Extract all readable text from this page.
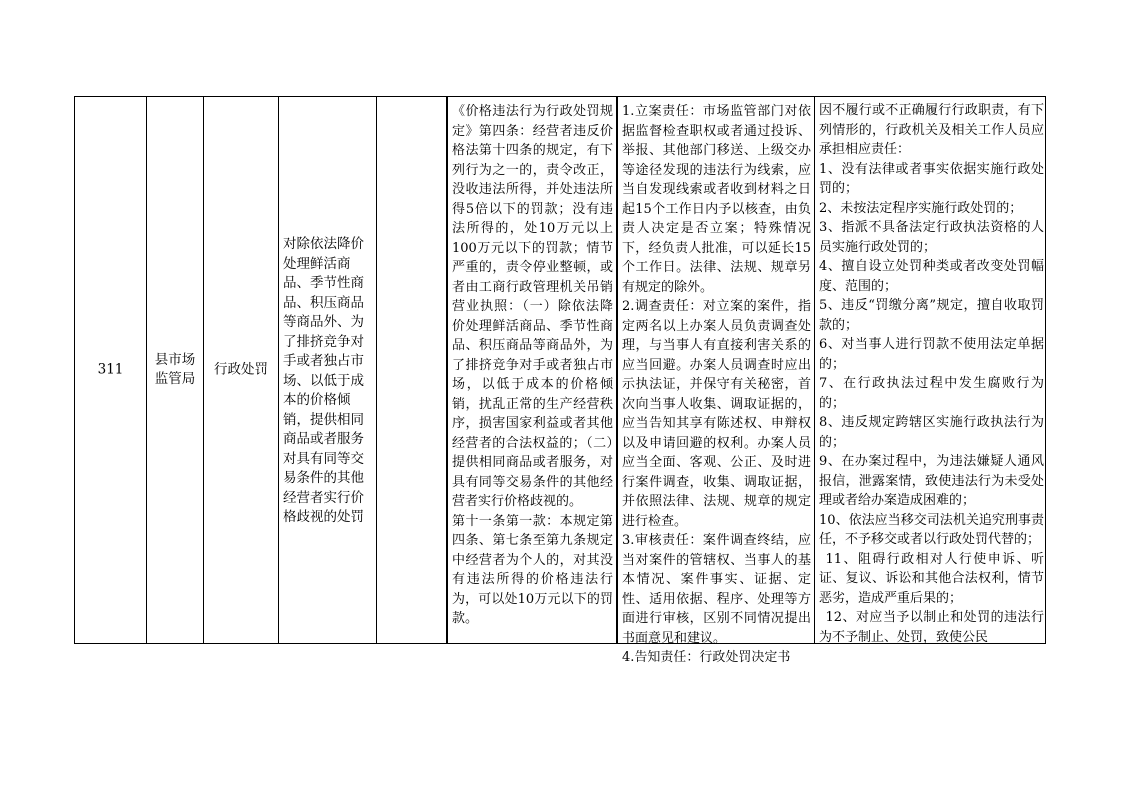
311
县市场
监管局
行政处罚
对除依法降价处理鲜活商品、季节性商品、积压商品等商品外、为了排挤竞争对手或者独占市场、以低于成本的价格倾销，提供相同商品或者服务对具有同等交易条件的其他经营者实行价格歧视的处罚

《价格违法行为行政处罚规定》第四条：经营者违反价格法第十四条的规定，有下列行为之一的，责令改正，没收违法所得，并处违法所得5倍以下的罚款；没有违法所得的，处10万元以上100万元以下的罚款；情节严重的，责令停业整顿，或者由工商行政管理机关吊销营业执照：（一）除依法降价处理鲜活商品、季节性商品、积压商品等商品外，为了排挤竞争对手或者独占市场，以低于成本的价格倾销，扰乱正常的生产经营秩序，损害国家利益或者其他经营者的合法权益的；（二）提供相同商品或者服务，对具有同等交易条件的其他经营者实行价格歧视的。

第十一条第一款：本规定第四条、第七条至第九条规定中经营者为个人的，对其没有违法所得的价格违法行为，可以处10万元以下的罚款。

1.立案责任：市场监管部门对依据监督检查职权或者通过投诉、举报、其他部门移送、上级交办等途径发现的违法行为线索，应当自发现线索或者收到材料之日起15个工作日内予以核查，由负责人决定是否立案；特殊情况下，经负责人批准，可以延长15个工作日。法律、法规、规章另有规定的除外。

2.调查责任：对立案的案件，指定两名以上办案人员负责调查处理，与当事人有直接利害关系的应当回避。办案人员调查时应出示执法证，并保守有关秘密，首次向当事人收集、调取证据的，应当告知其享有陈述权、申辩权以及申请回避的权利。办案人员应当全面、客观、公正、及时进行案件调查，收集、调取证据，并依照法律、法规、规章的规定进行检查。

3.审核责任：案件调查终结，应当对案件的管辖权、当事人的基本情况、案件事实、证据、定性、适用依据、程序、处理等方面进行审核，区别不同情况提出书面意见和建议。

4.告知责任：行政处罚决定书

因不履行或不正确履行行政职责，有下列情形的，行政机关及相关工作人员应承担相应责任：

1、没有法律或者事实依据实施行政处罚的；

2、未按法定程序实施行政处罚的；

3、指派不具备法定行政执法资格的人员实施行政处罚的；

4、擅自设立处罚种类或者改变处罚幅度、范围的；

5、违反“罚缴分离”规定，擅自收取罚款的；

6、对当事人进行罚款不使用法定单据的；

7、在行政执法过程中发生腐败行为的；

8、违反规定跨辖区实施行政执法行为的；

9、在办案过程中，为违法嫌疑人通风报信，泄露案情，致使违法行为未受处理或者给办案造成困难的；

10、依法应当移交司法机关追究刑事责任，不予移交或者以行政处罚代替的；

11、阻碍行政相对人行使申诉、听证、复议、诉讼和其他合法权利，情节恶劣，造成严重后果的；

12、对应当予以制止和处罚的违法行为不予制止、处罚，致使公民
